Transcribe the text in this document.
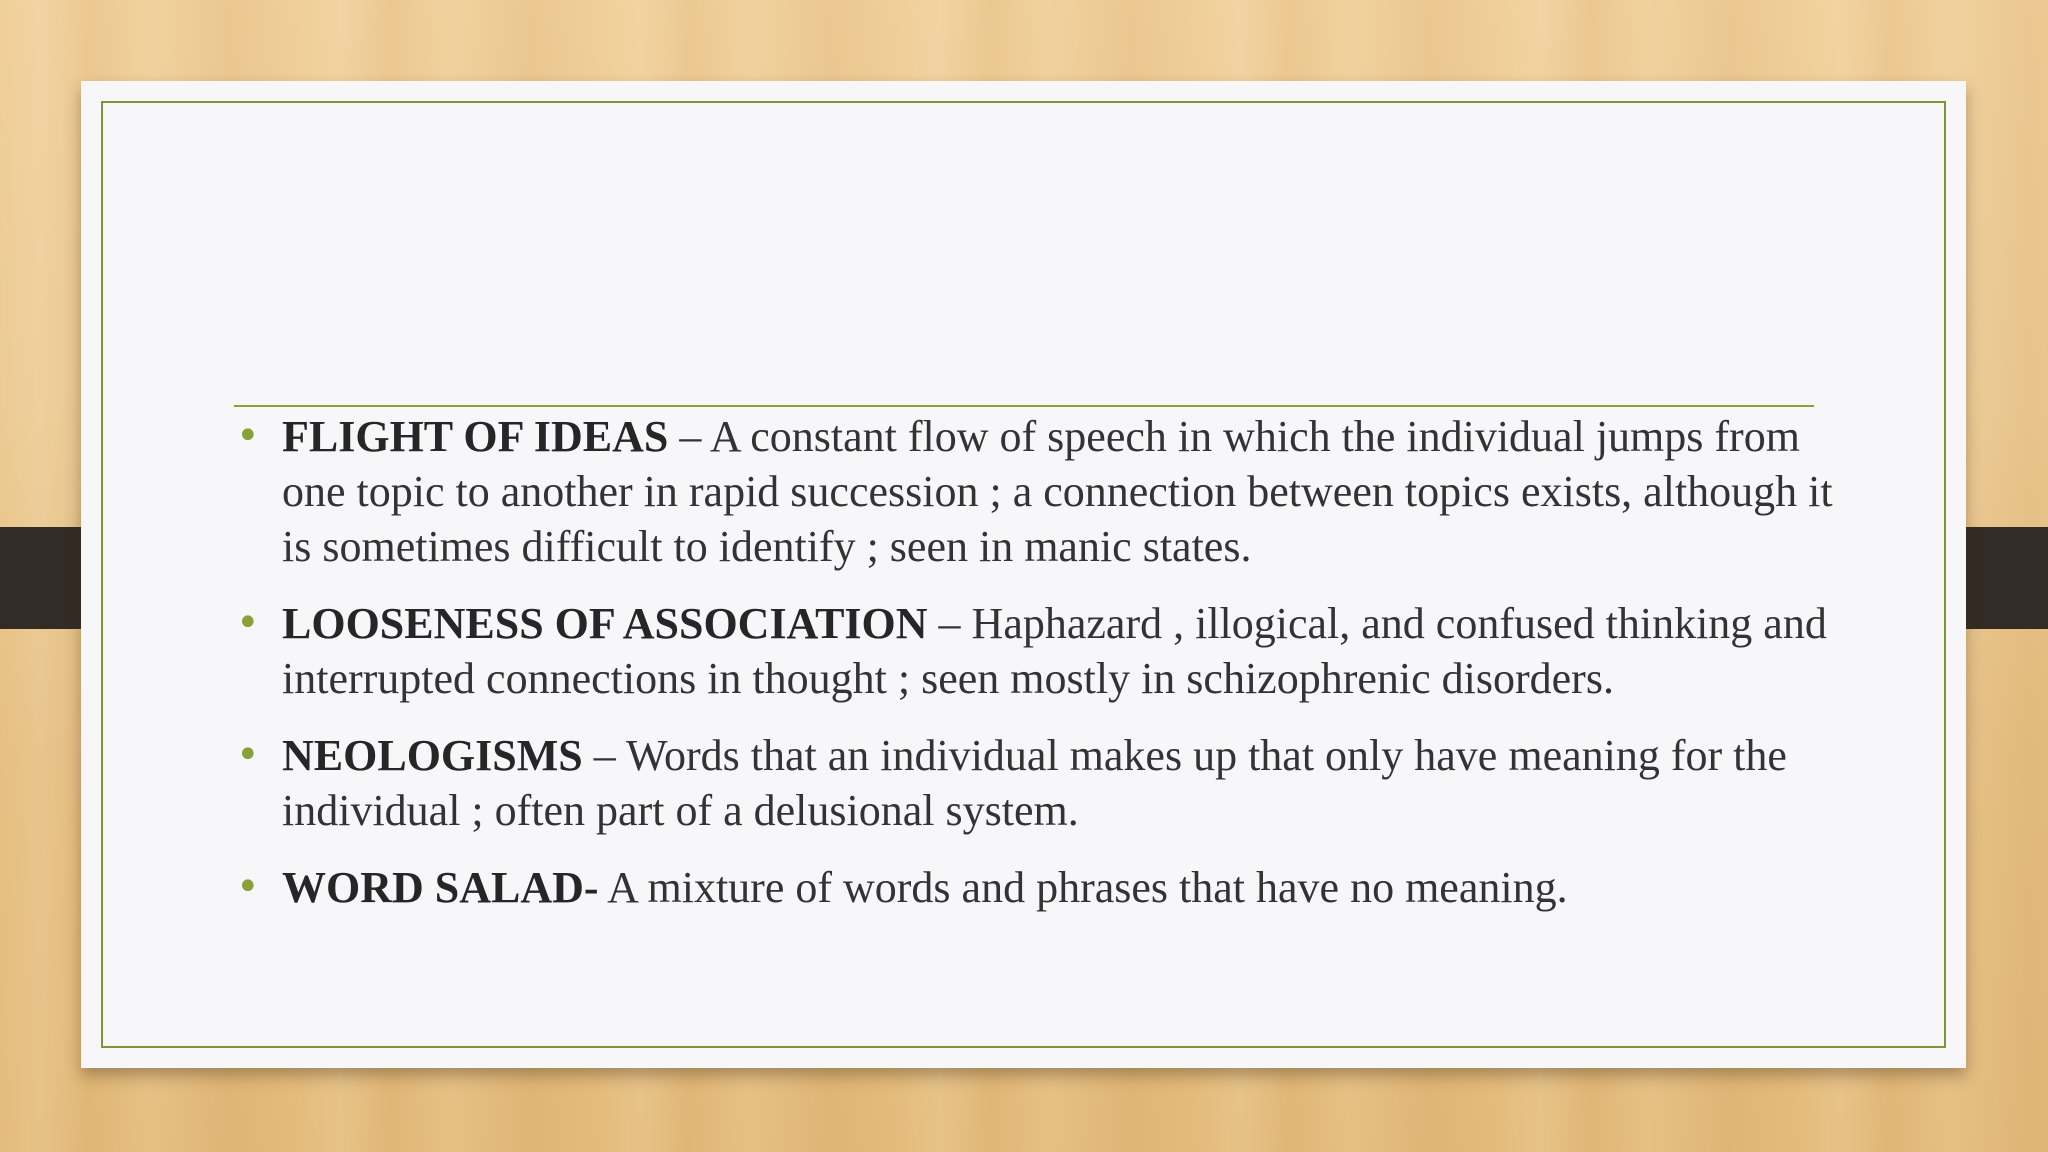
• FLIGHT OF IDEAS – A constant flow of speech in which the individual jumps from one topic to another in rapid succession ; a connection between topics exists, although it is sometimes difficult to identify ; seen in manic states.
• LOOSENESS OF ASSOCIATION – Haphazard , illogical, and confused thinking and interrupted connections in thought ; seen mostly in schizophrenic disorders.
• NEOLOGISMS – Words that an individual makes up that only have meaning for the individual ; often part of a delusional system.
• WORD SALAD- A mixture of words and phrases that have no meaning.
